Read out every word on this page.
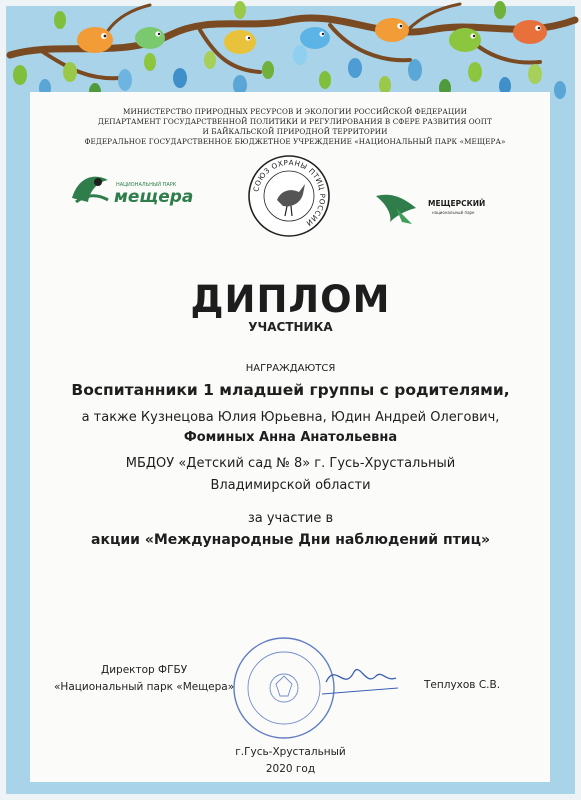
МИНИСТЕРСТВО ПРИРОДНЫХ РЕСУРСОВ И ЭКОЛОГИИ РОССИЙСКОЙ ФЕДЕРАЦИИ
ДЕПАРТАМЕНТ ГОСУДАРСТВЕННОЙ ПОЛИТИКИ И РЕГУЛИРОВАНИЯ В СФЕРЕ РАЗВИТИЯ ООПТ
И БАЙКАЛЬСКОЙ ПРИРОДНОЙ ТЕРРИТОРИИ
ФЕДЕРАЛЬНОЕ ГОСУДАРСТВЕННОЕ БЮДЖЕТНОЕ УЧРЕЖДЕНИЕ «НАЦИОНАЛЬНЫЙ ПАРК «МЕЩЕРА»
НАЦИОНАЛЬНЫЙ ПАРК
мещера	СОЮЗ ОХРАНЫ ПТИЦ РОССИИ
МЕЩЕРСКИЙ
национальный парк
ДИПЛОМ
УЧАСТНИКА
НАГРАЖДАЮТСЯ
Воспитанники 1 младшей группы с родителями,
а также Кузнецова Юлия Юрьевна, Юдин Андрей Олегович,
Фоминых Анна Анатольевна
МБДОУ «Детский сад № 8» г. Гусь-Хрустальный
Владимирской области
за участие в
акции «Международные Дни наблюдений птиц»
Директор ФГБУ
«Национальный парк «Мещера»	Теплухов С.В.
г.Гусь-Хрустальный
2020 год
